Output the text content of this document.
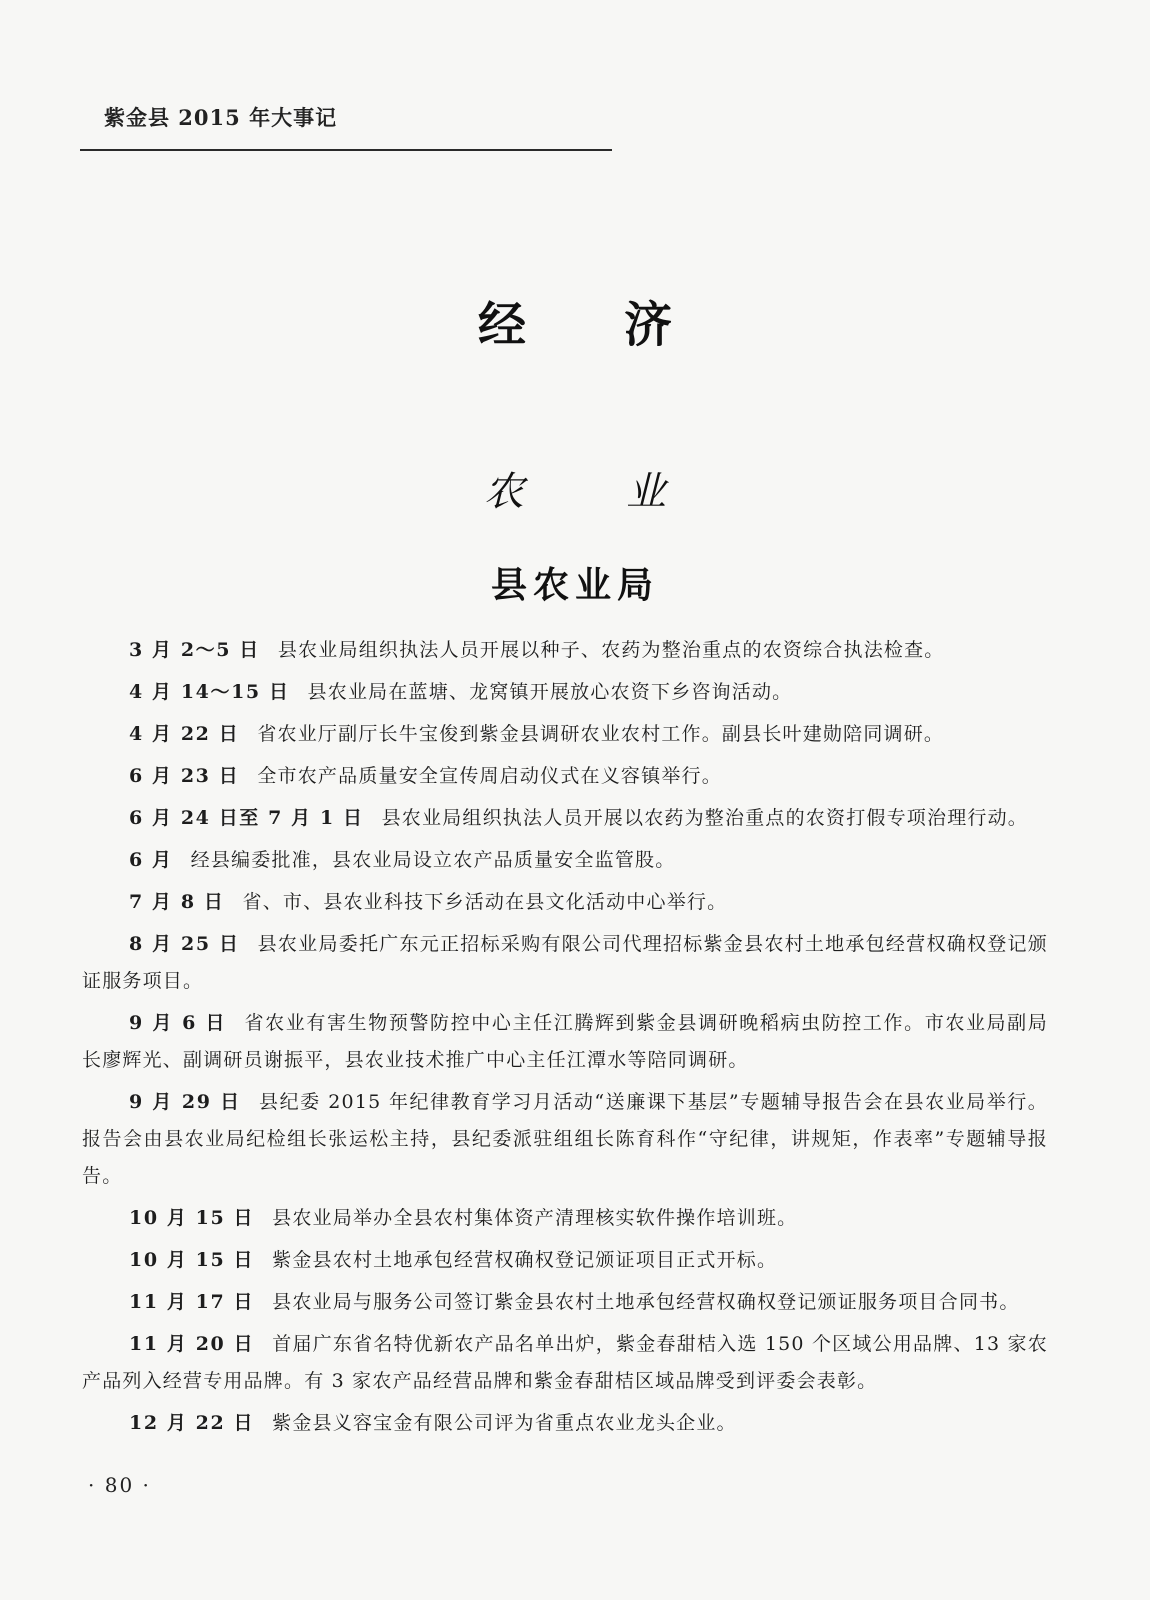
紫金县 2015 年大事记
经济
农业
县农业局

3 月 2～5 日 县农业局组织执法人员开展以种子、农药为整治重点的农资综合执法检查。

4 月 14～15 日 县农业局在蓝塘、龙窝镇开展放心农资下乡咨询活动。

4 月 22 日 省农业厅副厅长牛宝俊到紫金县调研农业农村工作。副县长叶建勋陪同调研。

6 月 23 日 全市农产品质量安全宣传周启动仪式在义容镇举行。

6 月 24 日至 7 月 1 日 县农业局组织执法人员开展以农药为整治重点的农资打假专项治理行动。

6 月 经县编委批准，县农业局设立农产品质量安全监管股。

7 月 8 日 省、市、县农业科技下乡活动在县文化活动中心举行。

8 月 25 日 县农业局委托广东元正招标采购有限公司代理招标紫金县农村土地承包经营权确权登记颁证服务项目。

9 月 6 日 省农业有害生物预警防控中心主任江腾辉到紫金县调研晚稻病虫防控工作。市农业局副局长廖辉光、副调研员谢振平，县农业技术推广中心主任江潭水等陪同调研。

9 月 29 日 县纪委 2015 年纪律教育学习月活动“送廉课下基层”专题辅导报告会在县农业局举行。报告会由县农业局纪检组长张运松主持，县纪委派驻组组长陈育科作“守纪律，讲规矩，作表率”专题辅导报告。

10 月 15 日 县农业局举办全县农村集体资产清理核实软件操作培训班。

10 月 15 日 紫金县农村土地承包经营权确权登记颁证项目正式开标。

11 月 17 日 县农业局与服务公司签订紫金县农村土地承包经营权确权登记颁证服务项目合同书。

11 月 20 日 首届广东省名特优新农产品名单出炉，紫金春甜桔入选 150 个区域公用品牌、13 家农产品列入经营专用品牌。有 3 家农产品经营品牌和紫金春甜桔区域品牌受到评委会表彰。

12 月 22 日 紫金县义容宝金有限公司评为省重点农业龙头企业。

· 80 ·
